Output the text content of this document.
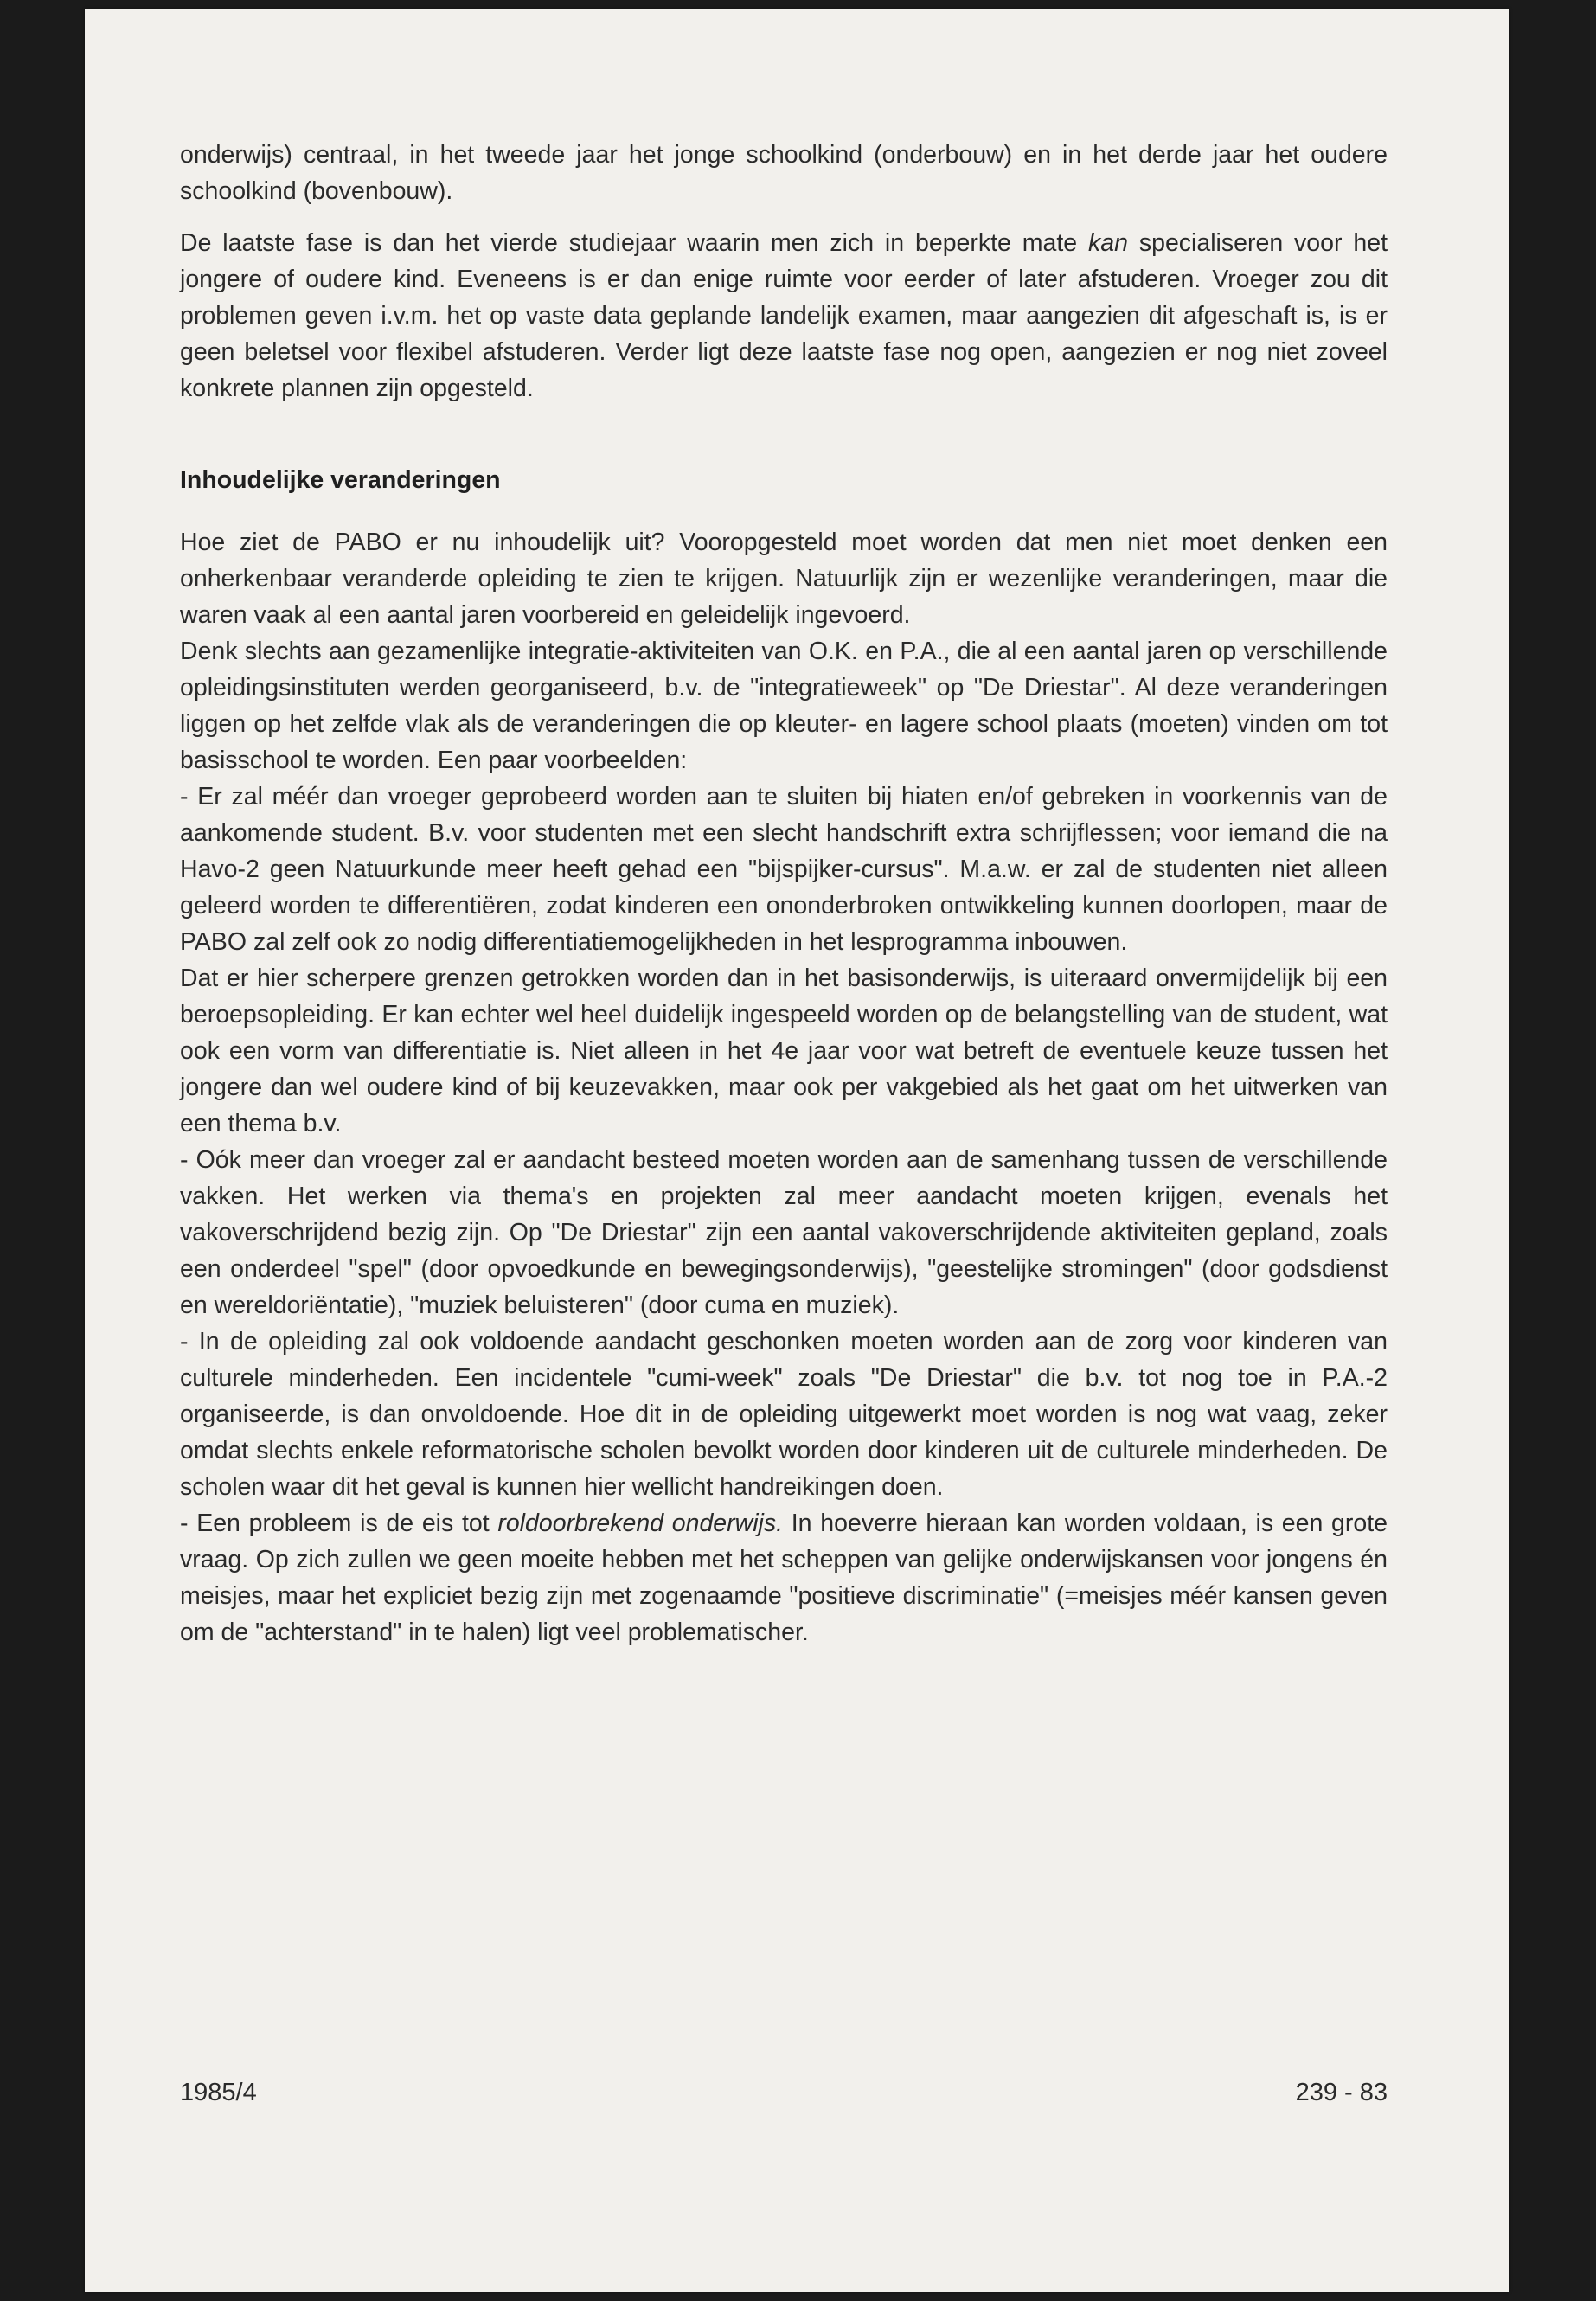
onderwijs) centraal, in het tweede jaar het jonge schoolkind (onderbouw) en in het derde jaar het oudere schoolkind (bovenbouw).

De laatste fase is dan het vierde studiejaar waarin men zich in beperkte mate kan specialiseren voor het jongere of oudere kind. Eveneens is er dan enige ruimte voor eerder of later afstuderen. Vroeger zou dit problemen geven i.v.m. het op vaste data geplande landelijk examen, maar aangezien dit afgeschaft is, is er geen beletsel voor flexibel afstuderen. Verder ligt deze laatste fase nog open, aangezien er nog niet zoveel konkrete plannen zijn opgesteld.

Inhoudelijke veranderingen

Hoe ziet de PABO er nu inhoudelijk uit? Vooropgesteld moet worden dat men niet moet denken een onherkenbaar veranderde opleiding te zien te krijgen. Natuurlijk zijn er wezenlijke veranderingen, maar die waren vaak al een aantal jaren voorbereid en geleidelijk ingevoerd.

Denk slechts aan gezamenlijke integratie-aktiviteiten van O.K. en P.A., die al een aantal jaren op verschillende opleidingsinstituten werden georganiseerd, b.v. de "integratieweek" op "De Driestar". Al deze veranderingen liggen op het zelfde vlak als de veranderingen die op kleuter- en lagere school plaats (moeten) vinden om tot basisschool te worden. Een paar voorbeelden:

- Er zal méér dan vroeger geprobeerd worden aan te sluiten bij hiaten en/of gebreken in voorkennis van de aankomende student. B.v. voor studenten met een slecht handschrift extra schrijflessen; voor iemand die na Havo-2 geen Natuurkunde meer heeft gehad een "bijspijker-cursus". M.a.w. er zal de studenten niet alleen geleerd worden te differentiëren, zodat kinderen een ononderbroken ontwikkeling kunnen doorlopen, maar de PABO zal zelf ook zo nodig differentiatiemogelijkheden in het lesprogramma inbouwen.

Dat er hier scherpere grenzen getrokken worden dan in het basisonderwijs, is uiteraard onvermijdelijk bij een beroepsopleiding. Er kan echter wel heel duidelijk ingespeeld worden op de belangstelling van de student, wat ook een vorm van differentiatie is. Niet alleen in het 4e jaar voor wat betreft de eventuele keuze tussen het jongere dan wel oudere kind of bij keuzevakken, maar ook per vakgebied als het gaat om het uitwerken van een thema b.v.

- Oók meer dan vroeger zal er aandacht besteed moeten worden aan de samenhang tussen de verschillende vakken. Het werken via thema's en projekten zal meer aandacht moeten krijgen, evenals het vakoverschrijdend bezig zijn. Op "De Driestar" zijn een aantal vakoverschrijdende aktiviteiten gepland, zoals een onderdeel "spel" (door opvoedkunde en bewegingsonderwijs), "geestelijke stromingen" (door godsdienst en wereldoriëntatie), "muziek beluisteren" (door cuma en muziek).

- In de opleiding zal ook voldoende aandacht geschonken moeten worden aan de zorg voor kinderen van culturele minderheden. Een incidentele "cumi-week" zoals "De Driestar" die b.v. tot nog toe in P.A.-2 organiseerde, is dan onvoldoende. Hoe dit in de opleiding uitgewerkt moet worden is nog wat vaag, zeker omdat slechts enkele reformatorische scholen bevolkt worden door kinderen uit de culturele minderheden. De scholen waar dit het geval is kunnen hier wellicht handreikingen doen.

- Een probleem is de eis tot roldoorbrekend onderwijs. In hoeverre hieraan kan worden voldaan, is een grote vraag. Op zich zullen we geen moeite hebben met het scheppen van gelijke onderwijskansen voor jongens én meisjes, maar het expliciet bezig zijn met zogenaamde "positieve discriminatie" (=meisjes méér kansen geven om de "achterstand" in te halen) ligt veel problematischer.

1985/4	239 - 83
